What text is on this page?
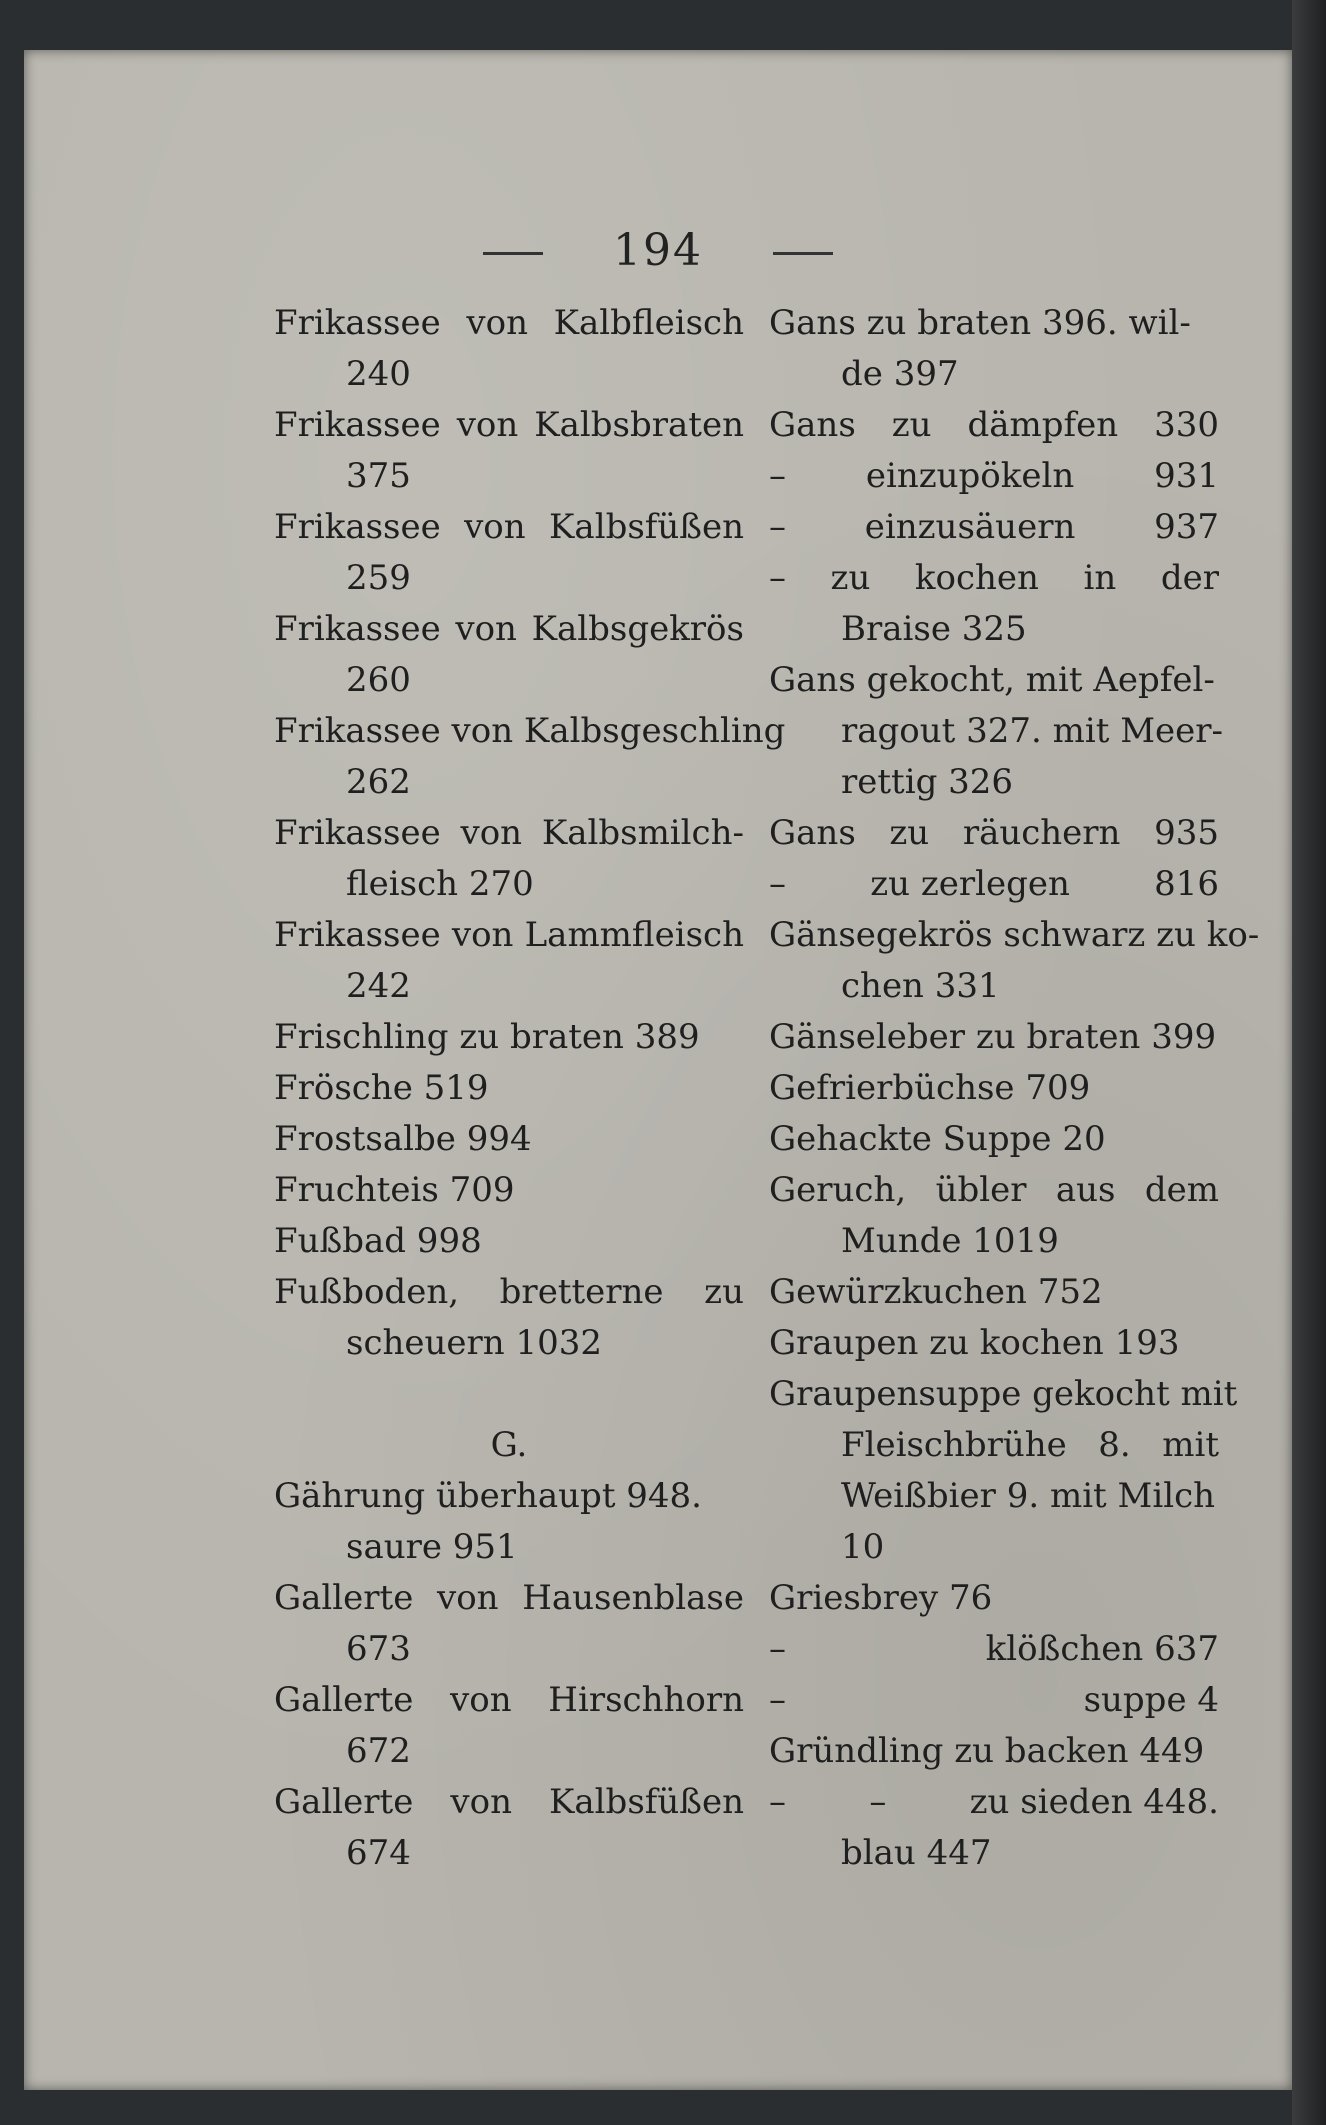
194
Frikassee von Kalbfleisch
240
Frikassee von Kalbsbraten
375
Frikassee von Kalbsfüßen
259
Frikassee von Kalbsgekrös
260
Frikassee von Kalbsgeschling
262
Frikassee von Kalbsmilch-
fleisch 270
Frikassee von Lammfleisch
242
Frischling zu braten 389
Frösche 519
Frostsalbe 994
Fruchteis 709
Fußbad 998
Fußboden, bretterne zu
scheuern 1032
G.
Gährung überhaupt 948.
saure 951
Gallerte von Hausenblase
673
Gallerte von Hirschhorn
672
Gallerte von Kalbsfüßen
674
Gans zu braten 396. wil-
de 397
Gans zu dämpfen 330
– einzupökeln 931
– einzusäuern 937
– zu kochen in der
Braise 325
Gans gekocht, mit Aepfel-
ragout 327. mit Meer-
rettig 326
Gans zu räuchern 935
– zu zerlegen 816
Gänsegekrös schwarz zu ko-
chen 331
Gänseleber zu braten 399
Gefrierbüchse 709
Gehackte Suppe 20
Geruch, übler aus dem
Munde 1019
Gewürzkuchen 752
Graupen zu kochen 193
Graupensuppe gekocht mit
Fleischbrühe 8. mit
Weißbier 9. mit Milch
10
Griesbrey 76
–	klößchen 637
–	suppe 4
Gründling zu backen 449
– – zu sieden 448.
blau 447
